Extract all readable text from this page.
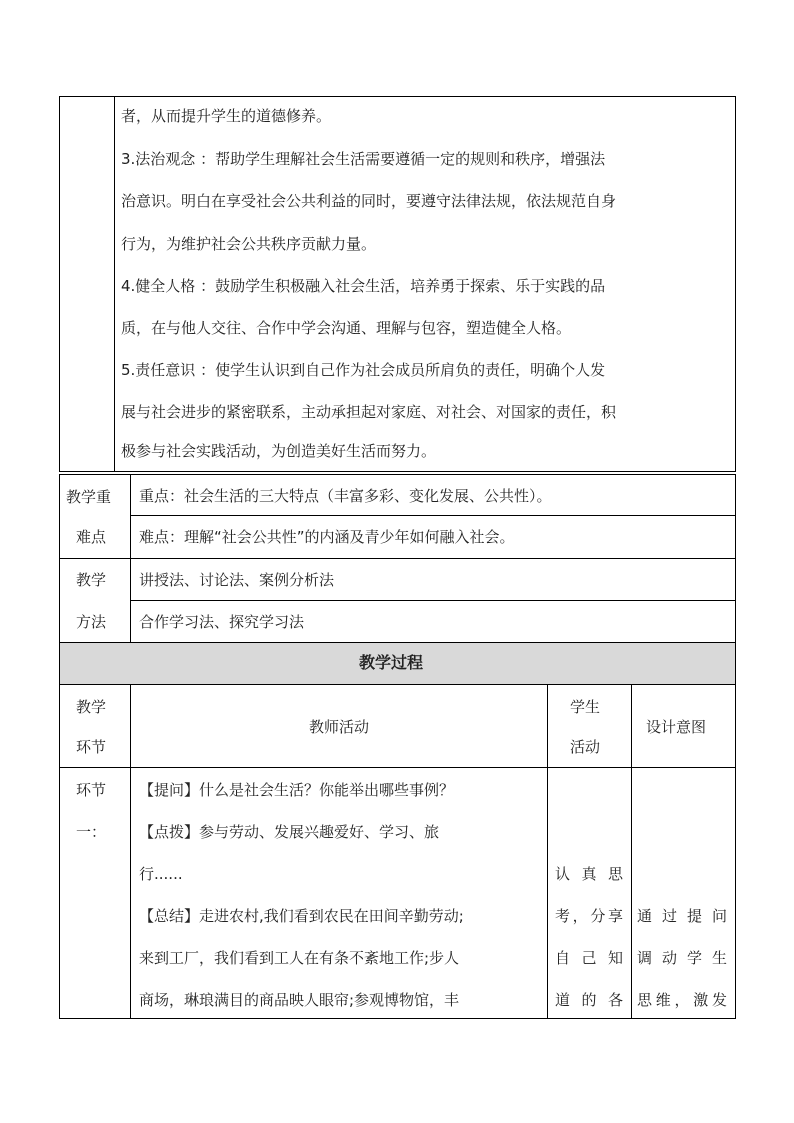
者，从而提升学生的道德修养。
3.法治观念 ：帮助学生理解社会生活需要遵循一定的规则和秩序，增强法
治意识。明白在享受社会公共利益的同时，要遵守法律法规，依法规范自身
行为，为维护社会公共秩序贡献力量。
4.健全人格 ：鼓励学生积极融入社会生活，培养勇于探索、乐于实践的品
质，在与他人交往、合作中学会沟通、理解与包容，塑造健全人格。
5.责任意识 ：使学生认识到自己作为社会成员所肩负的责任，明确个人发
展与社会进步的紧密联系，主动承担起对家庭、对社会、对国家的责任，积
极参与社会实践活动，为创造美好生活而努力。
教学重
难点
重点：社会生活的三大特点（丰富多彩、变化发展、公共性）。
难点：理解“社会公共性”的内涵及青少年如何融入社会。
教学
方法
讲授法、讨论法、案例分析法
合作学习法、探究学习法
教学过程
教学
环节
教师活动
学生
活动
设计意图
环节
一：
【提问】什么是社会生活？你能举出哪些事例？
【点拨】参与劳动、发展兴趣爱好、学习、旅
行......
【总结】走进农村,我们看到农民在田间辛勤劳动;
来到工厂，我们看到工人在有条不紊地工作;步人
商场，琳琅满目的商品映人眼帘;参观博物馆，丰
认 真 思
考 ， 分 享
自 己 知
道 的 各
通 过 提 问
调 动 学 生
思 维 ， 激 发
